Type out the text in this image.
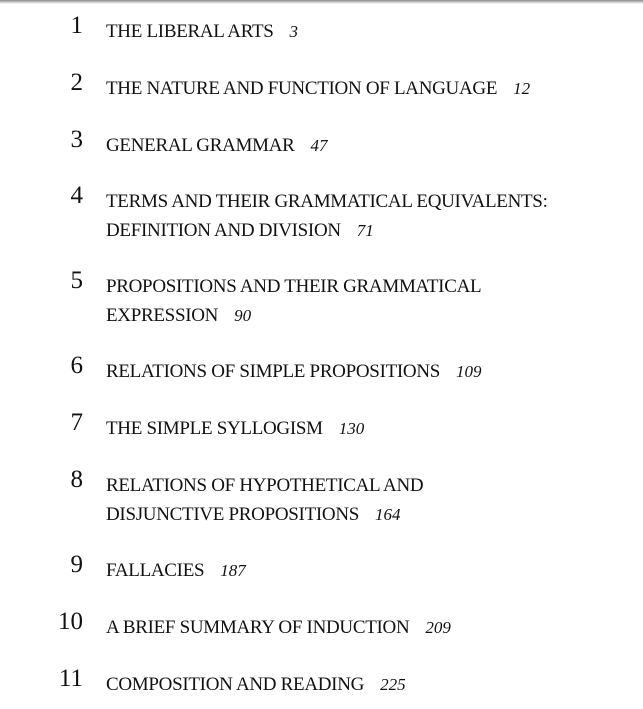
1 THE LIBERAL ARTS 3
2 THE NATURE AND FUNCTION OF LANGUAGE 12
3 GENERAL GRAMMAR 47
4 TERMS AND THEIR GRAMMATICAL EQUIVALENTS:
DEFINITION AND DIVISION 71
5 PROPOSITIONS AND THEIR GRAMMATICAL
EXPRESSION 90
6 RELATIONS OF SIMPLE PROPOSITIONS 109
7 THE SIMPLE SYLLOGISM 130
8 RELATIONS OF HYPOTHETICAL AND
DISJUNCTIVE PROPOSITIONS 164
9 FALLACIES 187
10 A BRIEF SUMMARY OF INDUCTION 209
11 COMPOSITION AND READING 225
